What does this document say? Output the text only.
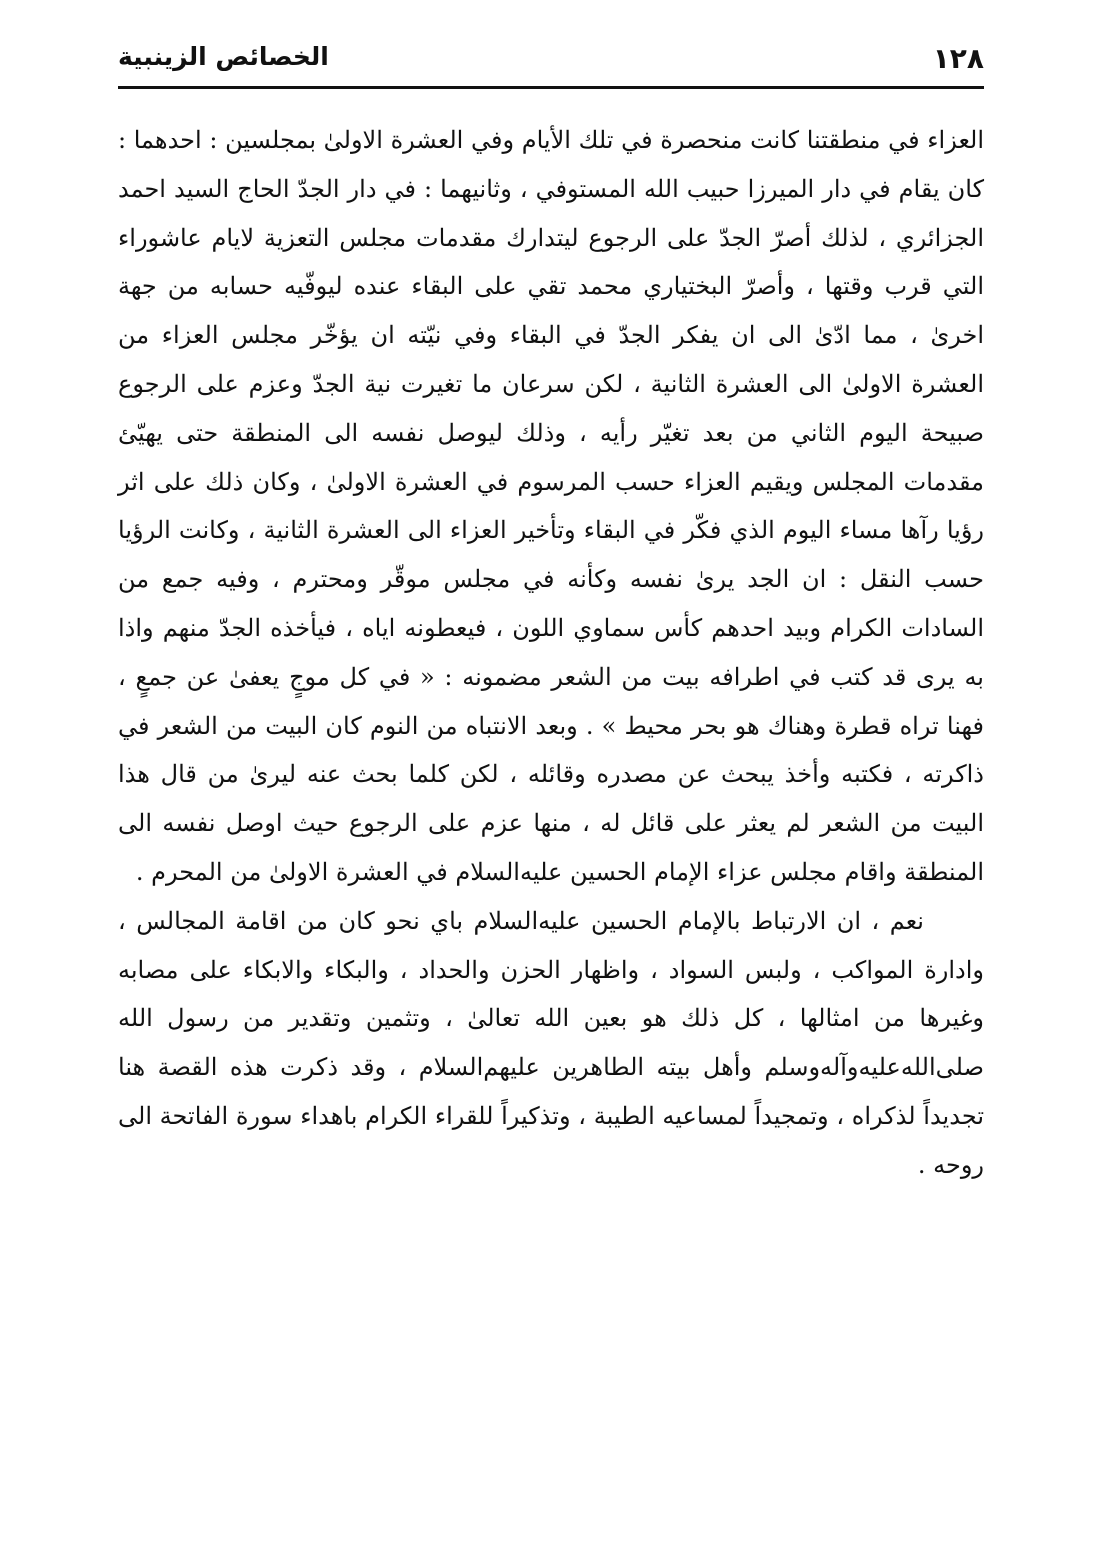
١٢٨
الخصائص الزينبية

العزاء في منطقتنا كانت منحصرة في تلك الأيام وفي العشرة الاولىٰ بمجلسين : احدهما : كان يقام في دار الميرزا حبيب الله المستوفي ، وثانيهما : في دار الجدّ الحاج السيد احمد الجزائري ، لذلك أصرّ الجدّ على الرجوع ليتدارك مقدمات مجلس التعزية لايام عاشوراء التي قرب وقتها ، وأصرّ البختياري محمد تقي على البقاء عنده ليوفّيه حسابه من جهة اخرىٰ ، مما ادّىٰ الى ان يفكر الجدّ في البقاء وفي نيّته ان يؤخّر مجلس العزاء من العشرة الاولىٰ الى العشرة الثانية ، لكن سرعان ما تغيرت نية الجدّ وعزم على الرجوع صبيحة اليوم الثاني من بعد تغيّر رأيه ، وذلك ليوصل نفسه الى المنطقة حتى يهيّئ مقدمات المجلس ويقيم العزاء حسب المرسوم في العشرة الاولىٰ ، وكان ذلك على اثر رؤيا رآها مساء اليوم الذي فكّر في البقاء وتأخير العزاء الى العشرة الثانية ، وكانت الرؤيا حسب النقل : ان الجد يرىٰ نفسه وكأنه في مجلس موقّر ومحترم ، وفيه جمع من السادات الكرام وبيد احدهم كأس سماوي اللون ، فيعطونه اياه ، فيأخذه الجدّ منهم واذا به يرى قد كتب في اطرافه بيت من الشعر مضمونه : « في كل موجٍ يعفىٰ عن جمعٍ ، فهنا تراه قطرة وهناك هو بحر محيط » . وبعد الانتباه من النوم كان البيت من الشعر في ذاكرته ، فكتبه وأخذ يبحث عن مصدره وقائله ، لكن كلما بحث عنه ليرىٰ من قال هذا البيت من الشعر لم يعثر على قائل له ، منها عزم على الرجوع حيث اوصل نفسه الى المنطقة واقام مجلس عزاء الإمام الحسين عليه‌السلام في العشرة الاولىٰ من المحرم .

نعم ، ان الارتباط بالإمام الحسين عليه‌السلام باي نحو كان من اقامة المجالس ، وادارة المواكب ، ولبس السواد ، واظهار الحزن والحداد ، والبكاء والابكاء على مصابه وغيرها من امثالها ، كل ذلك هو بعين الله تعالىٰ ، وتثمين وتقدير من رسول الله صلى‌الله‌عليه‌وآله‌وسلم وأهل بيته الطاهرين عليهم‌السلام ، وقد ذكرت هذه القصة هنا تجديداً لذكراه ، وتمجيداً لمساعيه الطيبة ، وتذكيراً للقراء الكرام باهداء سورة الفاتحة الى روحه .
